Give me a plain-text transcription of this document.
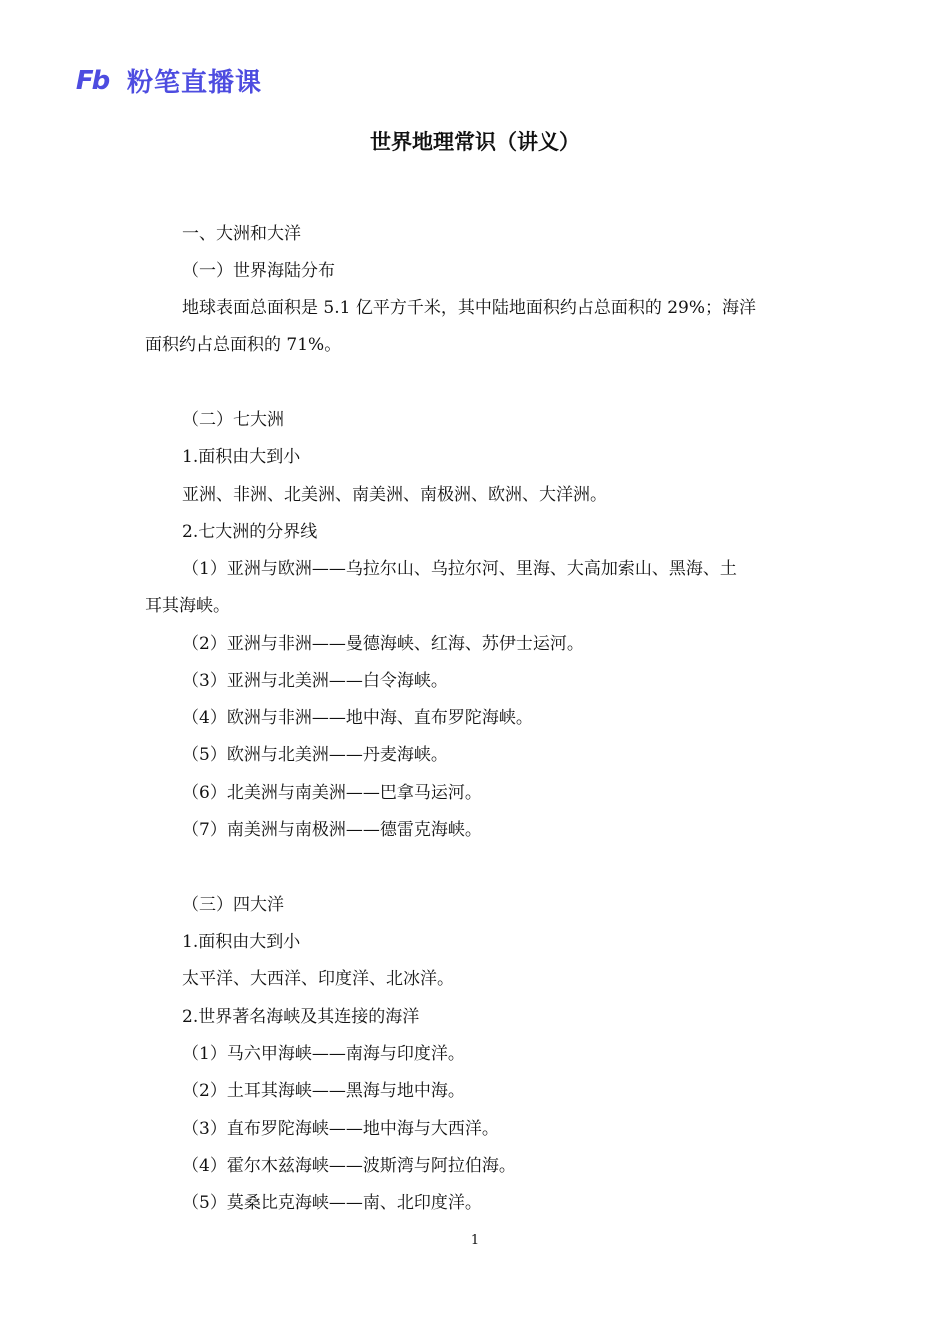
Fb 粉笔直播课
世界地理常识（讲义）
一、大洲和大洋
（一）世界海陆分布
地球表面总面积是 5.1 亿平方千米，其中陆地面积约占总面积的 29%；海洋
面积约占总面积的 71%。
（二）七大洲
1.面积由大到小
亚洲、非洲、北美洲、南美洲、南极洲、欧洲、大洋洲。
2.七大洲的分界线
（1）亚洲与欧洲——乌拉尔山、乌拉尔河、里海、大高加索山、黑海、土
耳其海峡。
（2）亚洲与非洲——曼德海峡、红海、苏伊士运河。
（3）亚洲与北美洲——白令海峡。
（4）欧洲与非洲——地中海、直布罗陀海峡。
（5）欧洲与北美洲——丹麦海峡。
（6）北美洲与南美洲——巴拿马运河。
（7）南美洲与南极洲——德雷克海峡。
（三）四大洋
1.面积由大到小
太平洋、大西洋、印度洋、北冰洋。
2.世界著名海峡及其连接的海洋
（1）马六甲海峡——南海与印度洋。
（2）土耳其海峡——黑海与地中海。
（3）直布罗陀海峡——地中海与大西洋。
（4）霍尔木兹海峡——波斯湾与阿拉伯海。
（5）莫桑比克海峡——南、北印度洋。
1
